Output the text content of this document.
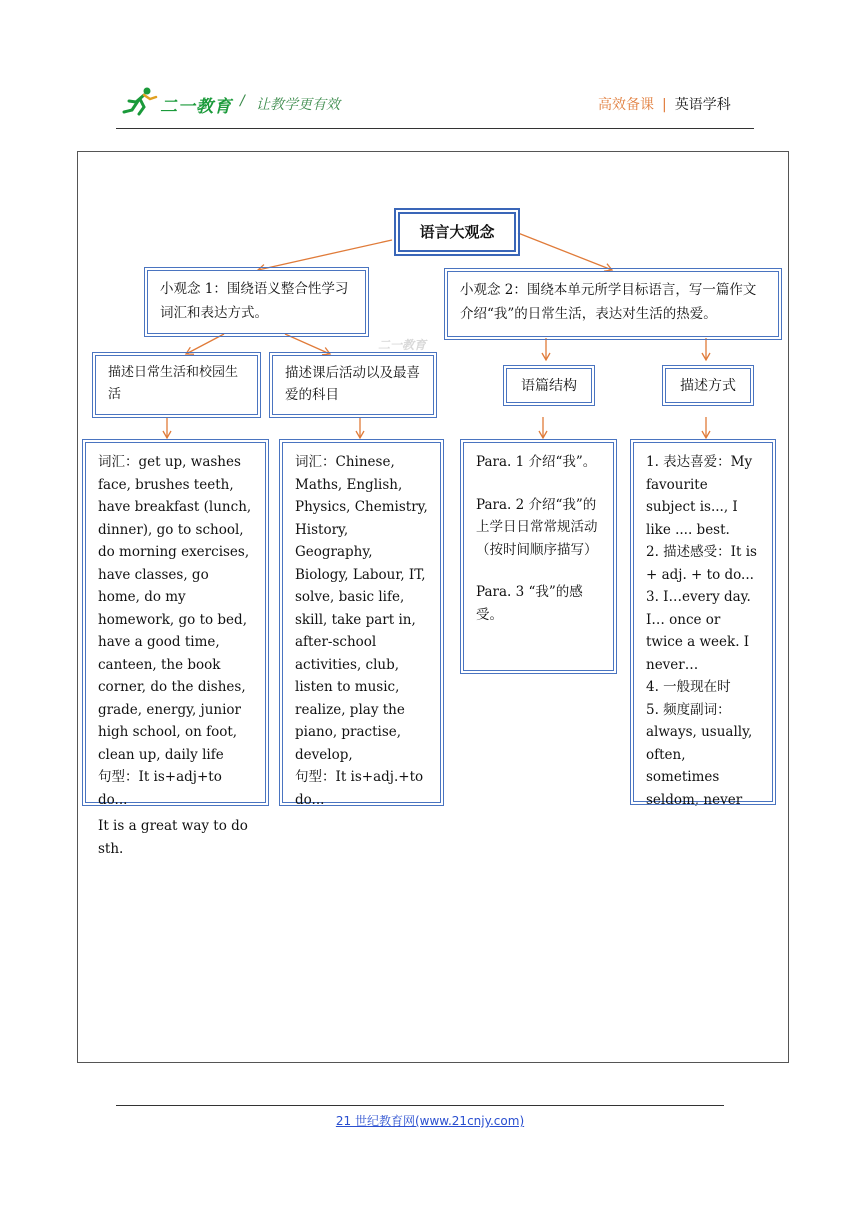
二一教育 / 让教学更有效	高效备课 | 英语学科
语言大观念
小观念 1：围绕语义整合性学习词汇和表达方式。
小观念 2：围绕本单元所学目标语言，写一篇作文介绍“我”的日常生活，表达对生活的热爱。
描述日常生活和校园生活
描述课后活动以及最喜爱的科目
语篇结构	描述方式
词汇：get up, washes face, brushes teeth, have breakfast (lunch, dinner), go to school, do morning exercises, have classes, go home, do my homework, go to bed, have a good time, canteen, the book corner, do the dishes, grade, energy, junior high school, on foot, clean up, daily life
句型：It is+adj+to do...
It is a great way to do sth.
词汇：Chinese, Maths, English, Physics, Chemistry, History, Geography, Biology, Labour, IT, solve, basic life, skill, take part in, after-school activities, club, listen to music, realize, play the piano, practise, develop,
句型：It is+adj.+to do...
Para. 1 介绍“我”。
Para. 2 介绍“我”的上学日日常常规活动（按时间顺序描写）
Para. 3 “我”的感受。
1. 表达喜爱：My favourite subject is..., I like .... best.
2. 描述感受：It is + adj. + to do...
3. I…every day. I… once or twice a week. I never…
4. 一般现在时
5. 频度副词：always, usually, often, sometimes seldom, never
二一教育
21 世纪教育网(www.21cnjy.com)
